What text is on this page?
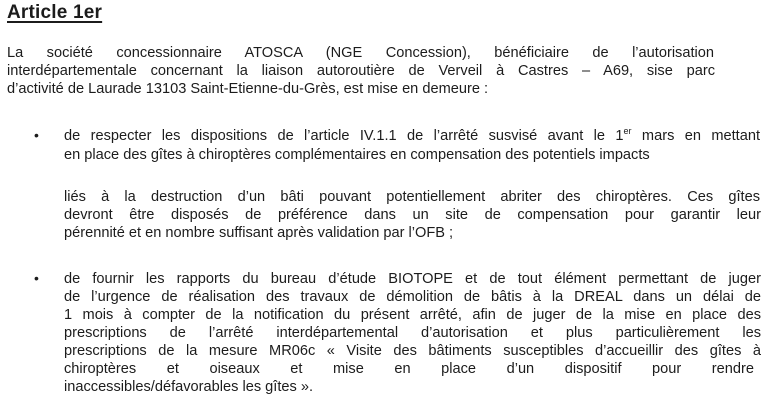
Article 1er
La société concessionnaire ATOSCA (NGE Concession), bénéficiaire de l’autorisation
interdépartementale concernant la liaison autoroutière de Verveil à Castres – A69, sise parc
d’activité de Laurade 13103 Saint-Etienne-du-Grès, est mise en demeure :
• de respecter les dispositions de l’article IV.1.1 de l’arrêté susvisé avant le 1er mars en mettant
en place des gîtes à chiroptères complémentaires en compensation des potentiels impacts
liés à la destruction d’un bâti pouvant potentiellement abriter des chiroptères. Ces gîtes
devront être disposés de préférence dans un site de compensation pour garantir leur
pérennité et en nombre suffisant après validation par l’OFB ;
• de fournir les rapports du bureau d’étude BIOTOPE et de tout élément permettant de juger
de l’urgence de réalisation des travaux de démolition de bâtis à la DREAL dans un délai de
1 mois à compter de la notification du présent arrêté, afin de juger de la mise en place des
prescriptions de l’arrêté interdépartemental d’autorisation et plus particulièrement les
prescriptions de la mesure MR06c « Visite des bâtiments susceptibles d’accueillir des gîtes à
chiroptères et oiseaux et mise en place d’un dispositif pour rendre
inaccessibles/défavorables les gîtes ».
